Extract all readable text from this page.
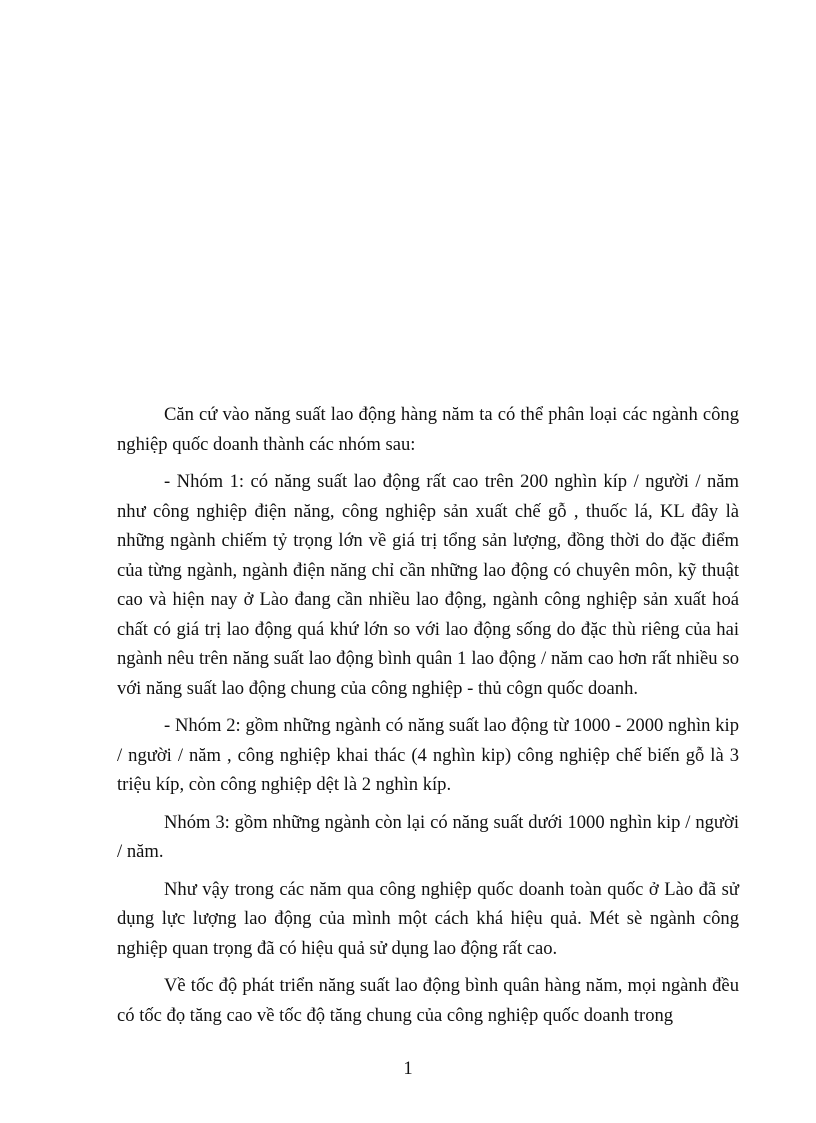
Căn cứ vào năng suất lao động hàng năm ta có thể phân loại các ngành công nghiệp quốc doanh thành các nhóm sau:

- Nhóm 1: có năng suất lao động rất cao trên 200 nghìn kíp / người / năm như công nghiệp điện năng, công nghiệp sản xuất chế gỗ , thuốc lá, KL đây là những ngành chiếm tỷ trọng lớn về giá trị tổng sản lượng, đồng thời do đặc điểm của từng ngành, ngành điện năng chỉ cần những lao động có chuyên môn, kỹ thuật cao và hiện nay ở Lào đang cần nhiều lao động, ngành công nghiệp sản xuất hoá chất có giá trị lao động quá khứ lớn so với lao động sống do đặc thù riêng của hai ngành nêu trên năng suất lao động bình quân 1 lao động / năm cao hơn rất nhiều so với năng suất lao động chung của công nghiệp - thủ côgn quốc doanh.

- Nhóm 2: gồm những ngành có năng suất lao động từ 1000 - 2000 nghìn kip / người / năm , công nghiệp khai thác (4 nghìn kip) công nghiệp chế biến gỗ là 3 triệu kíp, còn công nghiệp dệt là 2 nghìn kíp.

Nhóm 3: gồm những ngành còn lại có năng suất dưới 1000 nghìn kip / người / năm.

Như vậy trong các năm qua công nghiệp quốc doanh toàn quốc ở Lào đã sử dụng lực lượng lao động của mình một cách khá hiệu quả. Mét sè ngành công nghiệp quan trọng đã có hiệu quả sử dụng lao động rất cao.

Về tốc độ phát triển năng suất lao động bình quân hàng năm, mọi ngành đều có tốc đọ tăng cao về tốc độ tăng chung của công nghiệp quốc doanh trong

1
